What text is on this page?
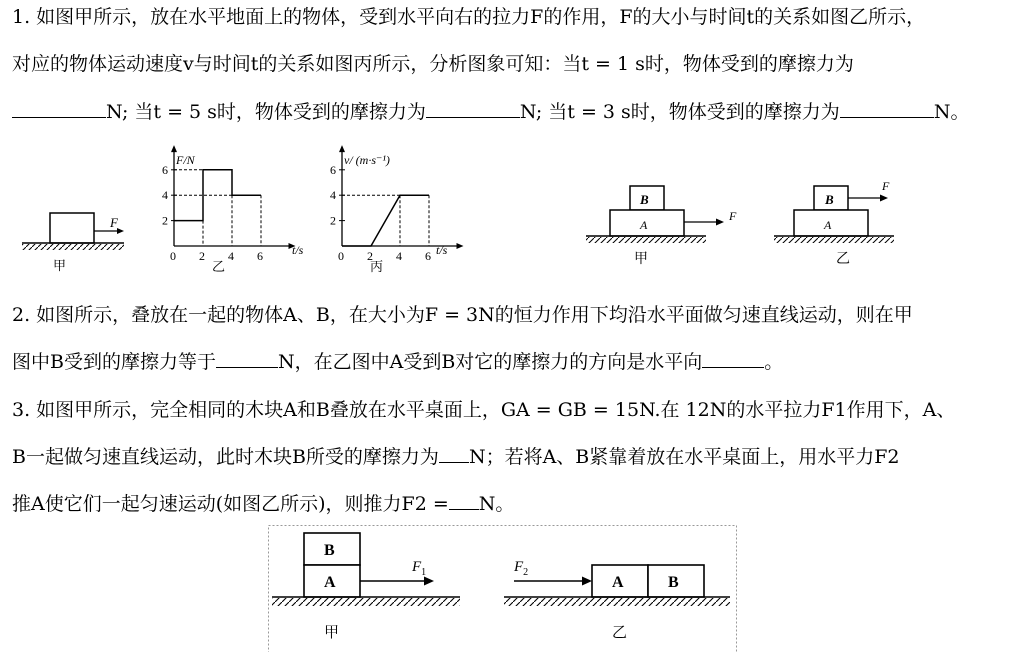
1. 如图甲所示，放在水平地面上的物体，受到水平向右的拉力F的作用，F的大小与时间t的关系如图乙所示，
对应的物体运动速度v与时间t的关系如图丙所示，分析图象可知：当t = 1 s时，物体受到的摩擦力为
N; 当t = 5 s时，物体受到的摩擦力为	N; 当t = 3 s时，物体受到的摩擦力为	N。
F
甲
2
4
6
0 2 4 6
F/N
t/s
乙
2
4
6
0 2 4 6
v/ (m·s⁻¹)
t/s
丙
B
A
F
甲
B
A
F
乙
2. 如图所示，叠放在一起的物体A、B，在大小为F = 3N的恒力作用下均沿水平面做匀速直线运动，则在甲
图中B受到的摩擦力等于	N，在乙图中A受到B对它的摩擦力的方向是水平向	。
3. 如图甲所示，完全相同的木块A和B叠放在水平桌面上，GA = GB = 15N.在 12N的水平拉力F1作用下，A、
B一起做匀速直线运动，此时木块B所受的摩擦力为 N；若将A、B紧靠着放在水平桌面上，用水平力F2
推A使它们一起匀速运动(如图乙所示)，则推力F2 = N。
B
A
$F_1$
甲
A	B
$F_2$
乙
